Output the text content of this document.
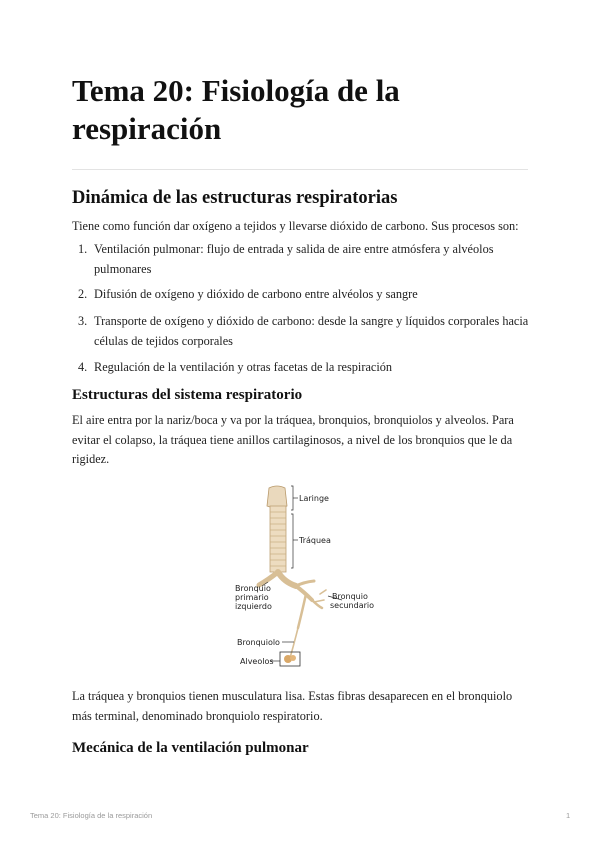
Tema 20: Fisiología de la respiración
Dinámica de las estructuras respiratorias

Tiene como función dar oxígeno a tejidos y llevarse dióxido de carbono. Sus procesos son:

1. Ventilación pulmonar: flujo de entrada y salida de aire entre atmósfera y alvéolos pulmonares
2. Difusión de oxígeno y dióxido de carbono entre alvéolos y sangre
3. Transporte de oxígeno y dióxido de carbono: desde la sangre y líquidos corporales hacia células de tejidos corporales
4. Regulación de la ventilación y otras facetas de la respiración
Estructuras del sistema respiratorio

El aire entra por la nariz/boca y va por la tráquea, bronquios, bronquiolos y alveolos. Para evitar el colapso, la tráquea tiene anillos cartilaginosos, a nivel de los bronquios que le da rigidez.

Laringe
Tráquea
Bronquio
primario
izquierdo
Bronquio
secundario
Bronquiolo
Alveolos

La tráquea y bronquios tienen musculatura lisa. Estas fibras desaparecen en el bronquiolo más terminal, denominado bronquiolo respiratorio.

Mecánica de la ventilación pulmonar
Tema 20: Fisiología de la respiración	1
